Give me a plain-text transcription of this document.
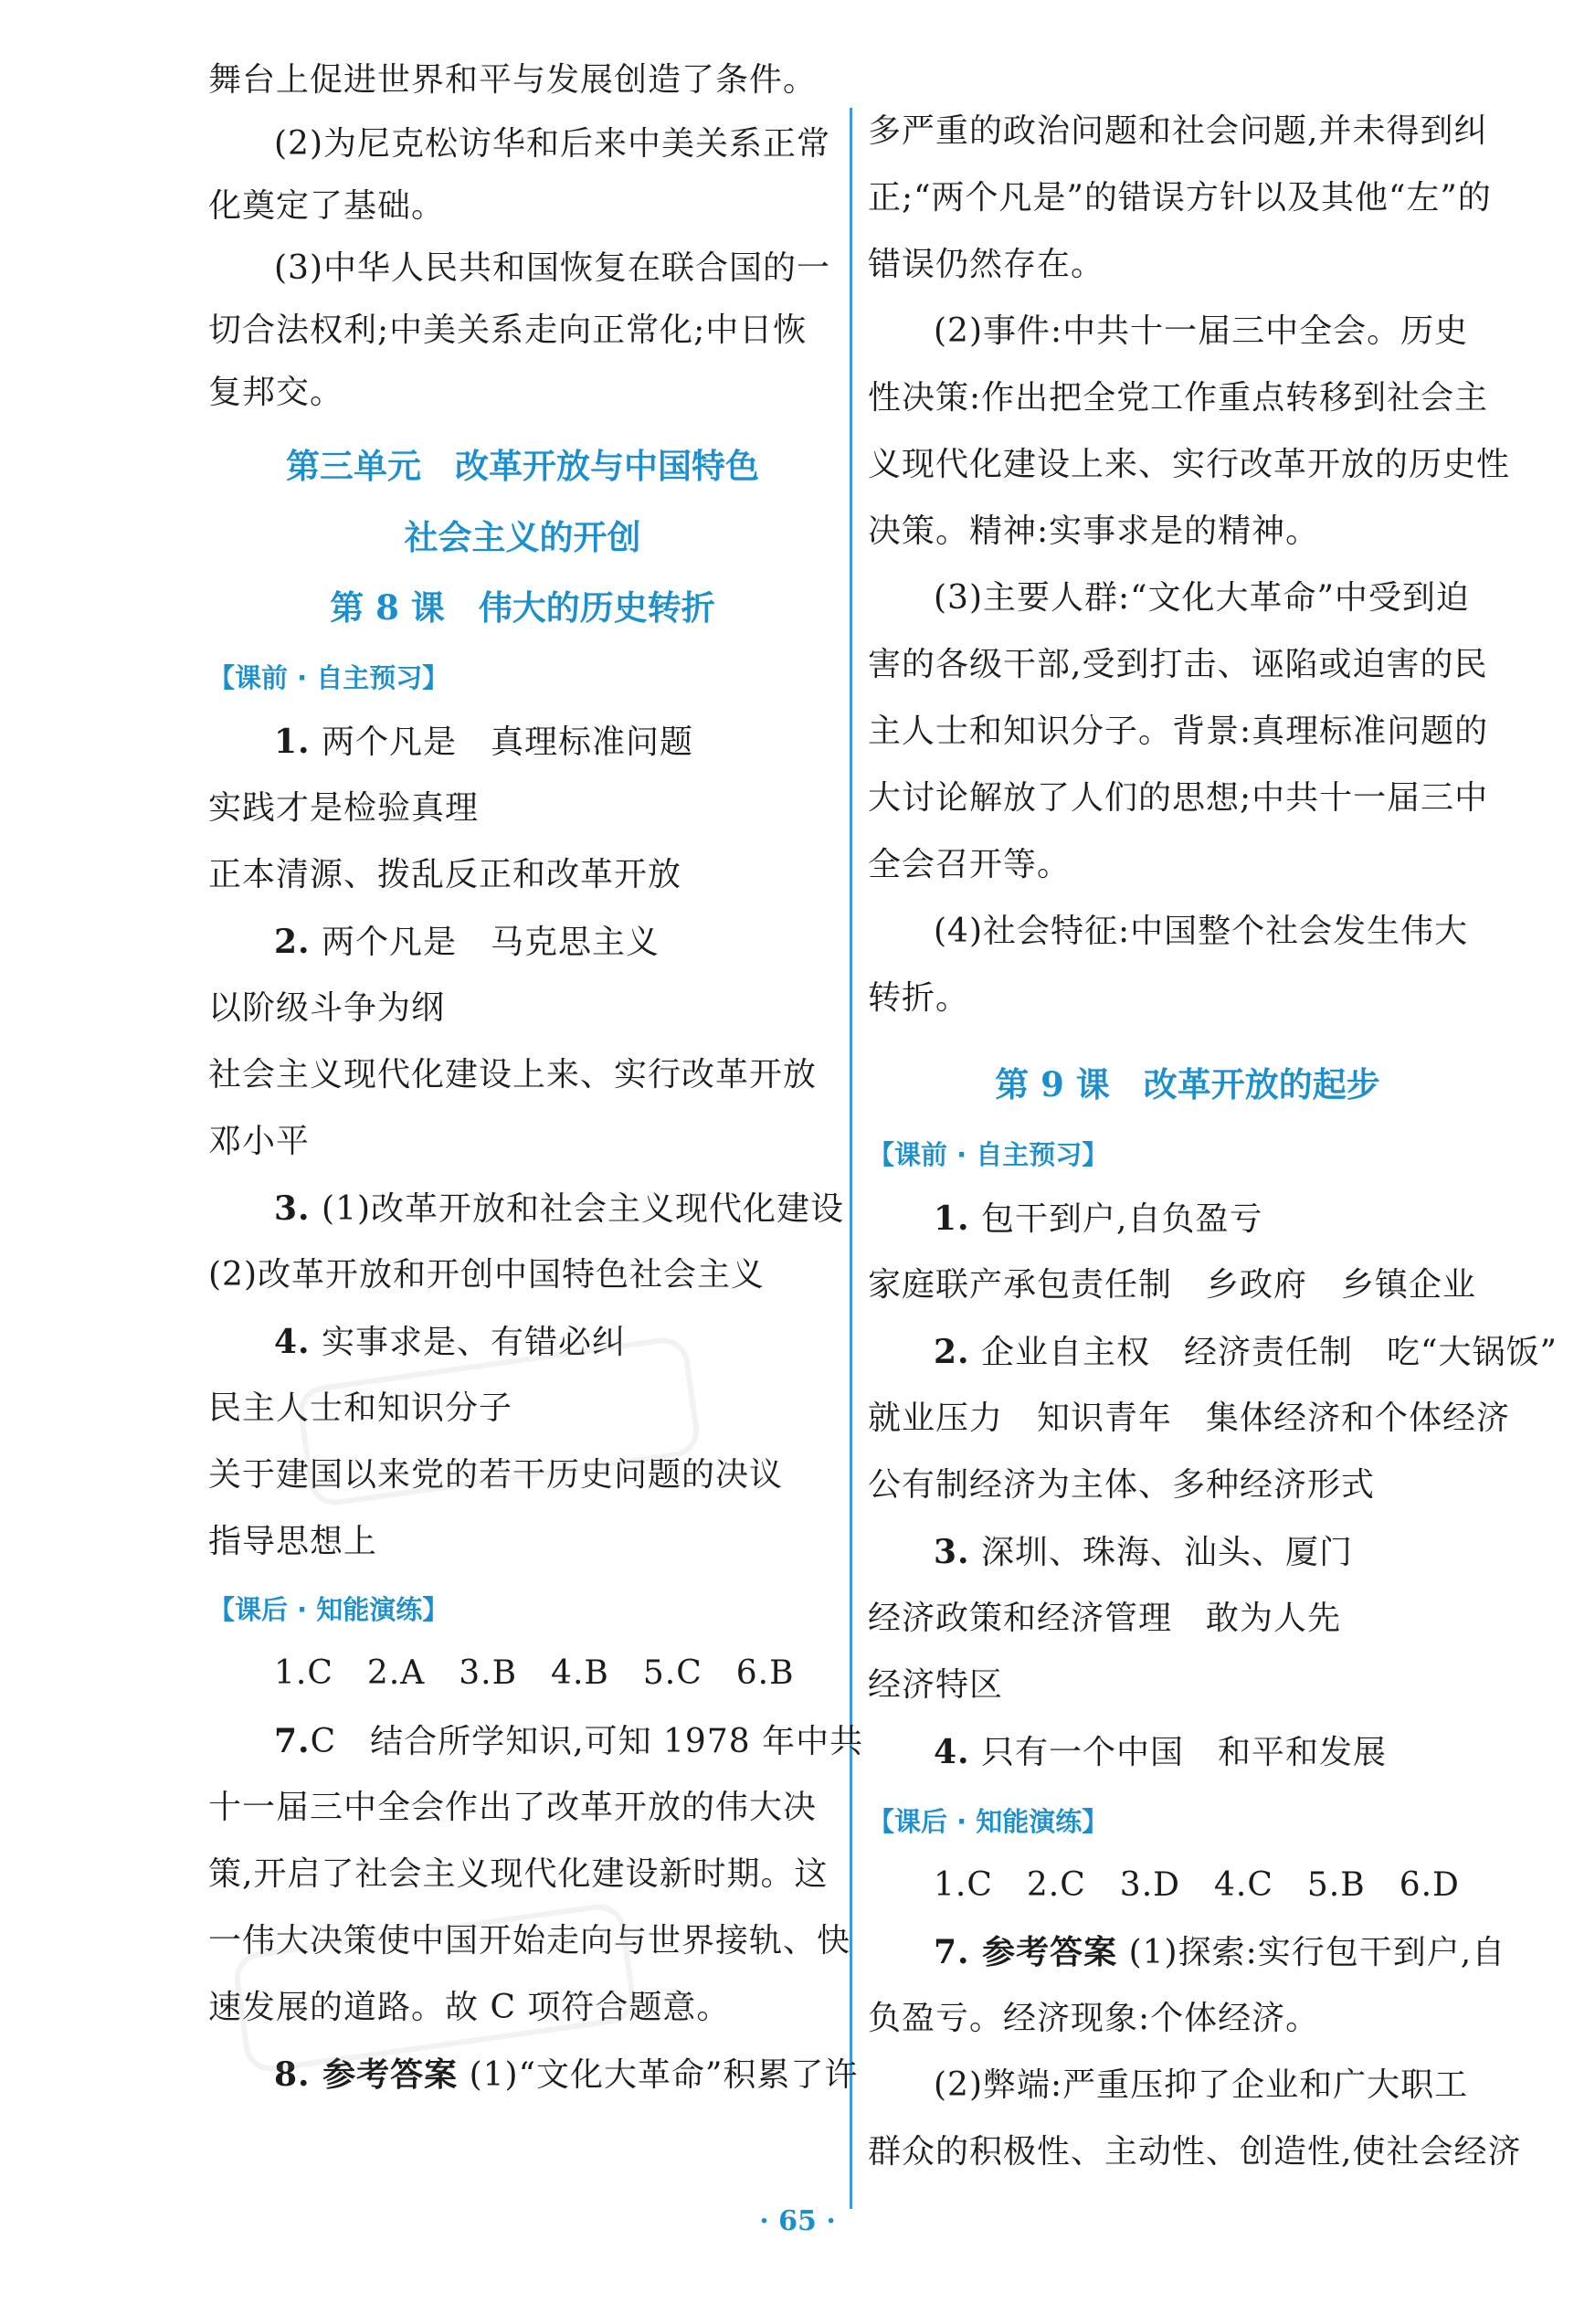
舞台上促进世界和平与发展创造了条件。
(2)为尼克松访华和后来中美关系正常
化奠定了基础。
(3)中华人民共和国恢复在联合国的一
切合法权利;中美关系走向正常化;中日恢
复邦交。
第三单元　改革开放与中国特色
社会主义的开创
第 8 课　伟大的历史转折
【课前 · 自主预习】
1. 两个凡是　真理标准问题
实践才是检验真理
正本清源、拨乱反正和改革开放
2. 两个凡是　马克思主义
以阶级斗争为纲
社会主义现代化建设上来、实行改革开放
邓小平
3. (1)改革开放和社会主义现代化建设
(2)改革开放和开创中国特色社会主义
4. 实事求是、有错必纠
民主人士和知识分子
关于建国以来党的若干历史问题的决议
指导思想上
【课后 · 知能演练】
1.C　2.A　3.B　4.B　5.C　6.B
7.C　结合所学知识,可知 1978 年中共
十一届三中全会作出了改革开放的伟大决
策,开启了社会主义现代化建设新时期。这
一伟大决策使中国开始走向与世界接轨、快
速发展的道路。故 C 项符合题意。
8. 参考答案 (1)“文化大革命”积累了许
多严重的政治问题和社会问题,并未得到纠
正;“两个凡是”的错误方针以及其他“左”的
错误仍然存在。
(2)事件:中共十一届三中全会。历史
性决策:作出把全党工作重点转移到社会主
义现代化建设上来、实行改革开放的历史性
决策。精神:实事求是的精神。
(3)主要人群:“文化大革命”中受到迫
害的各级干部,受到打击、诬陷或迫害的民
主人士和知识分子。背景:真理标准问题的
大讨论解放了人们的思想;中共十一届三中
全会召开等。
(4)社会特征:中国整个社会发生伟大
转折。
第 9 课　改革开放的起步
【课前 · 自主预习】
1. 包干到户,自负盈亏
家庭联产承包责任制　乡政府　乡镇企业
2. 企业自主权　经济责任制　吃“大锅饭”
就业压力　知识青年　集体经济和个体经济
公有制经济为主体、多种经济形式
3. 深圳、珠海、汕头、厦门
经济政策和经济管理　敢为人先
经济特区
4. 只有一个中国　和平和发展
【课后 · 知能演练】
1.C　2.C　3.D　4.C　5.B　6.D
7. 参考答案 (1)探索:实行包干到户,自
负盈亏。经济现象:个体经济。
(2)弊端:严重压抑了企业和广大职工
群众的积极性、主动性、创造性,使社会经济
· 65 ·
